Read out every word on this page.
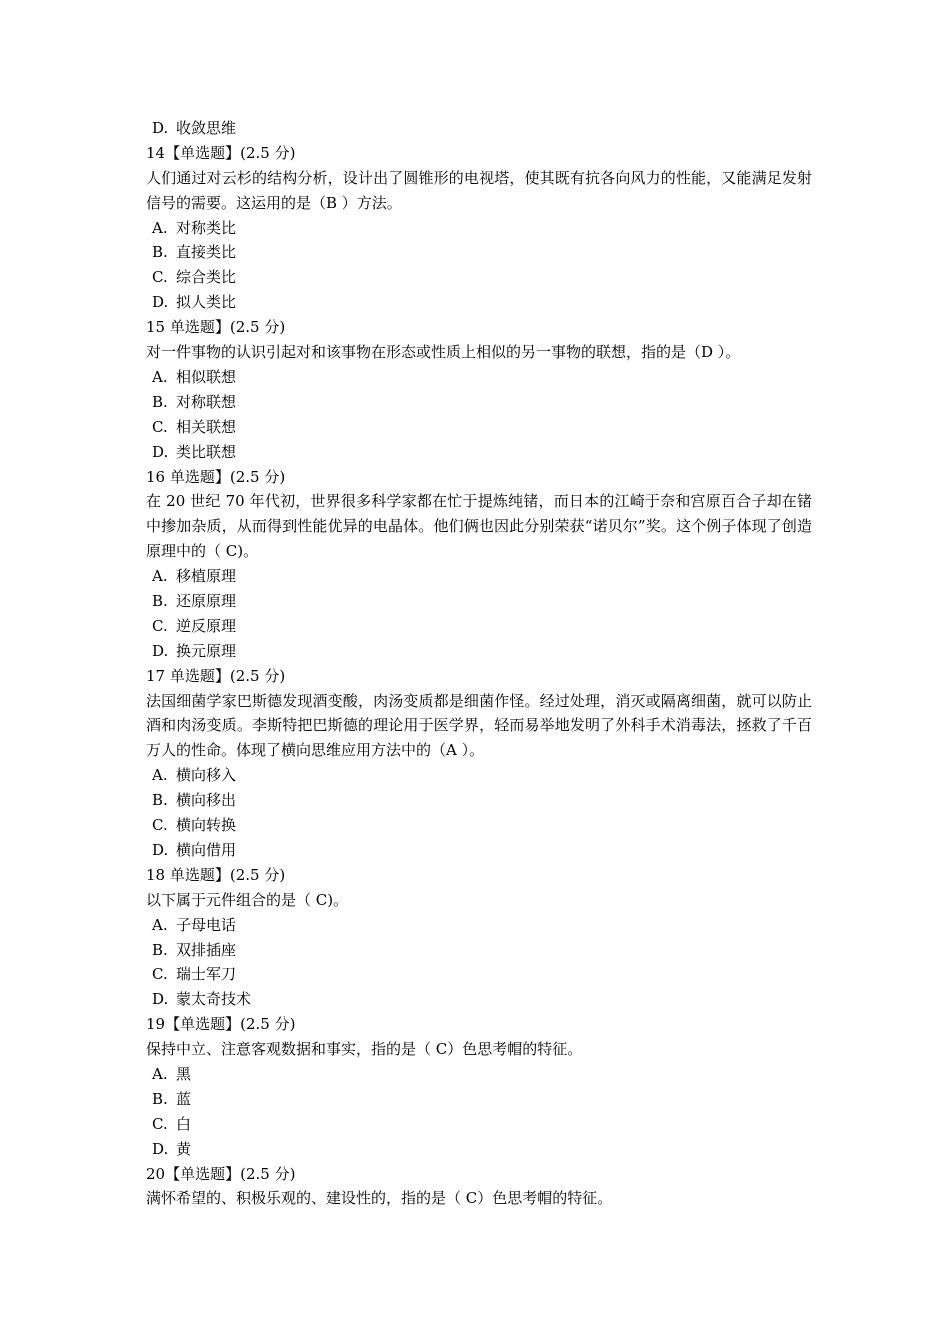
D. 收敛思维
14【单选题】(2.5 分)
人们通过对云杉的结构分析，设计出了圆锥形的电视塔，使其既有抗各向风力的性能，又能满足发射信号的需要。这运用的是（B ）方法。
A. 对称类比
B. 直接类比
C. 综合类比
D. 拟人类比
15 单选题】(2.5 分)
对一件事物的认识引起对和该事物在形态或性质上相似的另一事物的联想，指的是（D ）。
A. 相似联想
B. 对称联想
C. 相关联想
D. 类比联想
16 单选题】(2.5 分)
在 20 世纪 70 年代初，世界很多科学家都在忙于提炼纯锗，而日本的江崎于奈和宫原百合子却在锗中掺加杂质，从而得到性能优异的电晶体。他们俩也因此分别荣获“诺贝尔”奖。这个例子体现了创造原理中的（ C)。
A. 移植原理
B. 还原原理
C. 逆反原理
D. 换元原理
17 单选题】(2.5 分)
法国细菌学家巴斯德发现酒变酸，肉汤变质都是细菌作怪。经过处理，消灭或隔离细菌，就可以防止酒和肉汤变质。李斯特把巴斯德的理论用于医学界，轻而易举地发明了外科手术消毒法，拯救了千百万人的性命。体现了横向思维应用方法中的（A ）。
A. 横向移入
B. 横向移出
C. 横向转换
D. 横向借用
18 单选题】(2.5 分)
以下属于元件组合的是（ C)。
A. 子母电话
B. 双排插座
C. 瑞士军刀
D. 蒙太奇技术
19【单选题】(2.5 分)
保持中立、注意客观数据和事实，指的是（ C）色思考帽的特征。
A. 黑
B. 蓝
C. 白
D. 黄
20【单选题】(2.5 分)
满怀希望的、积极乐观的、建设性的，指的是（ C）色思考帽的特征。
